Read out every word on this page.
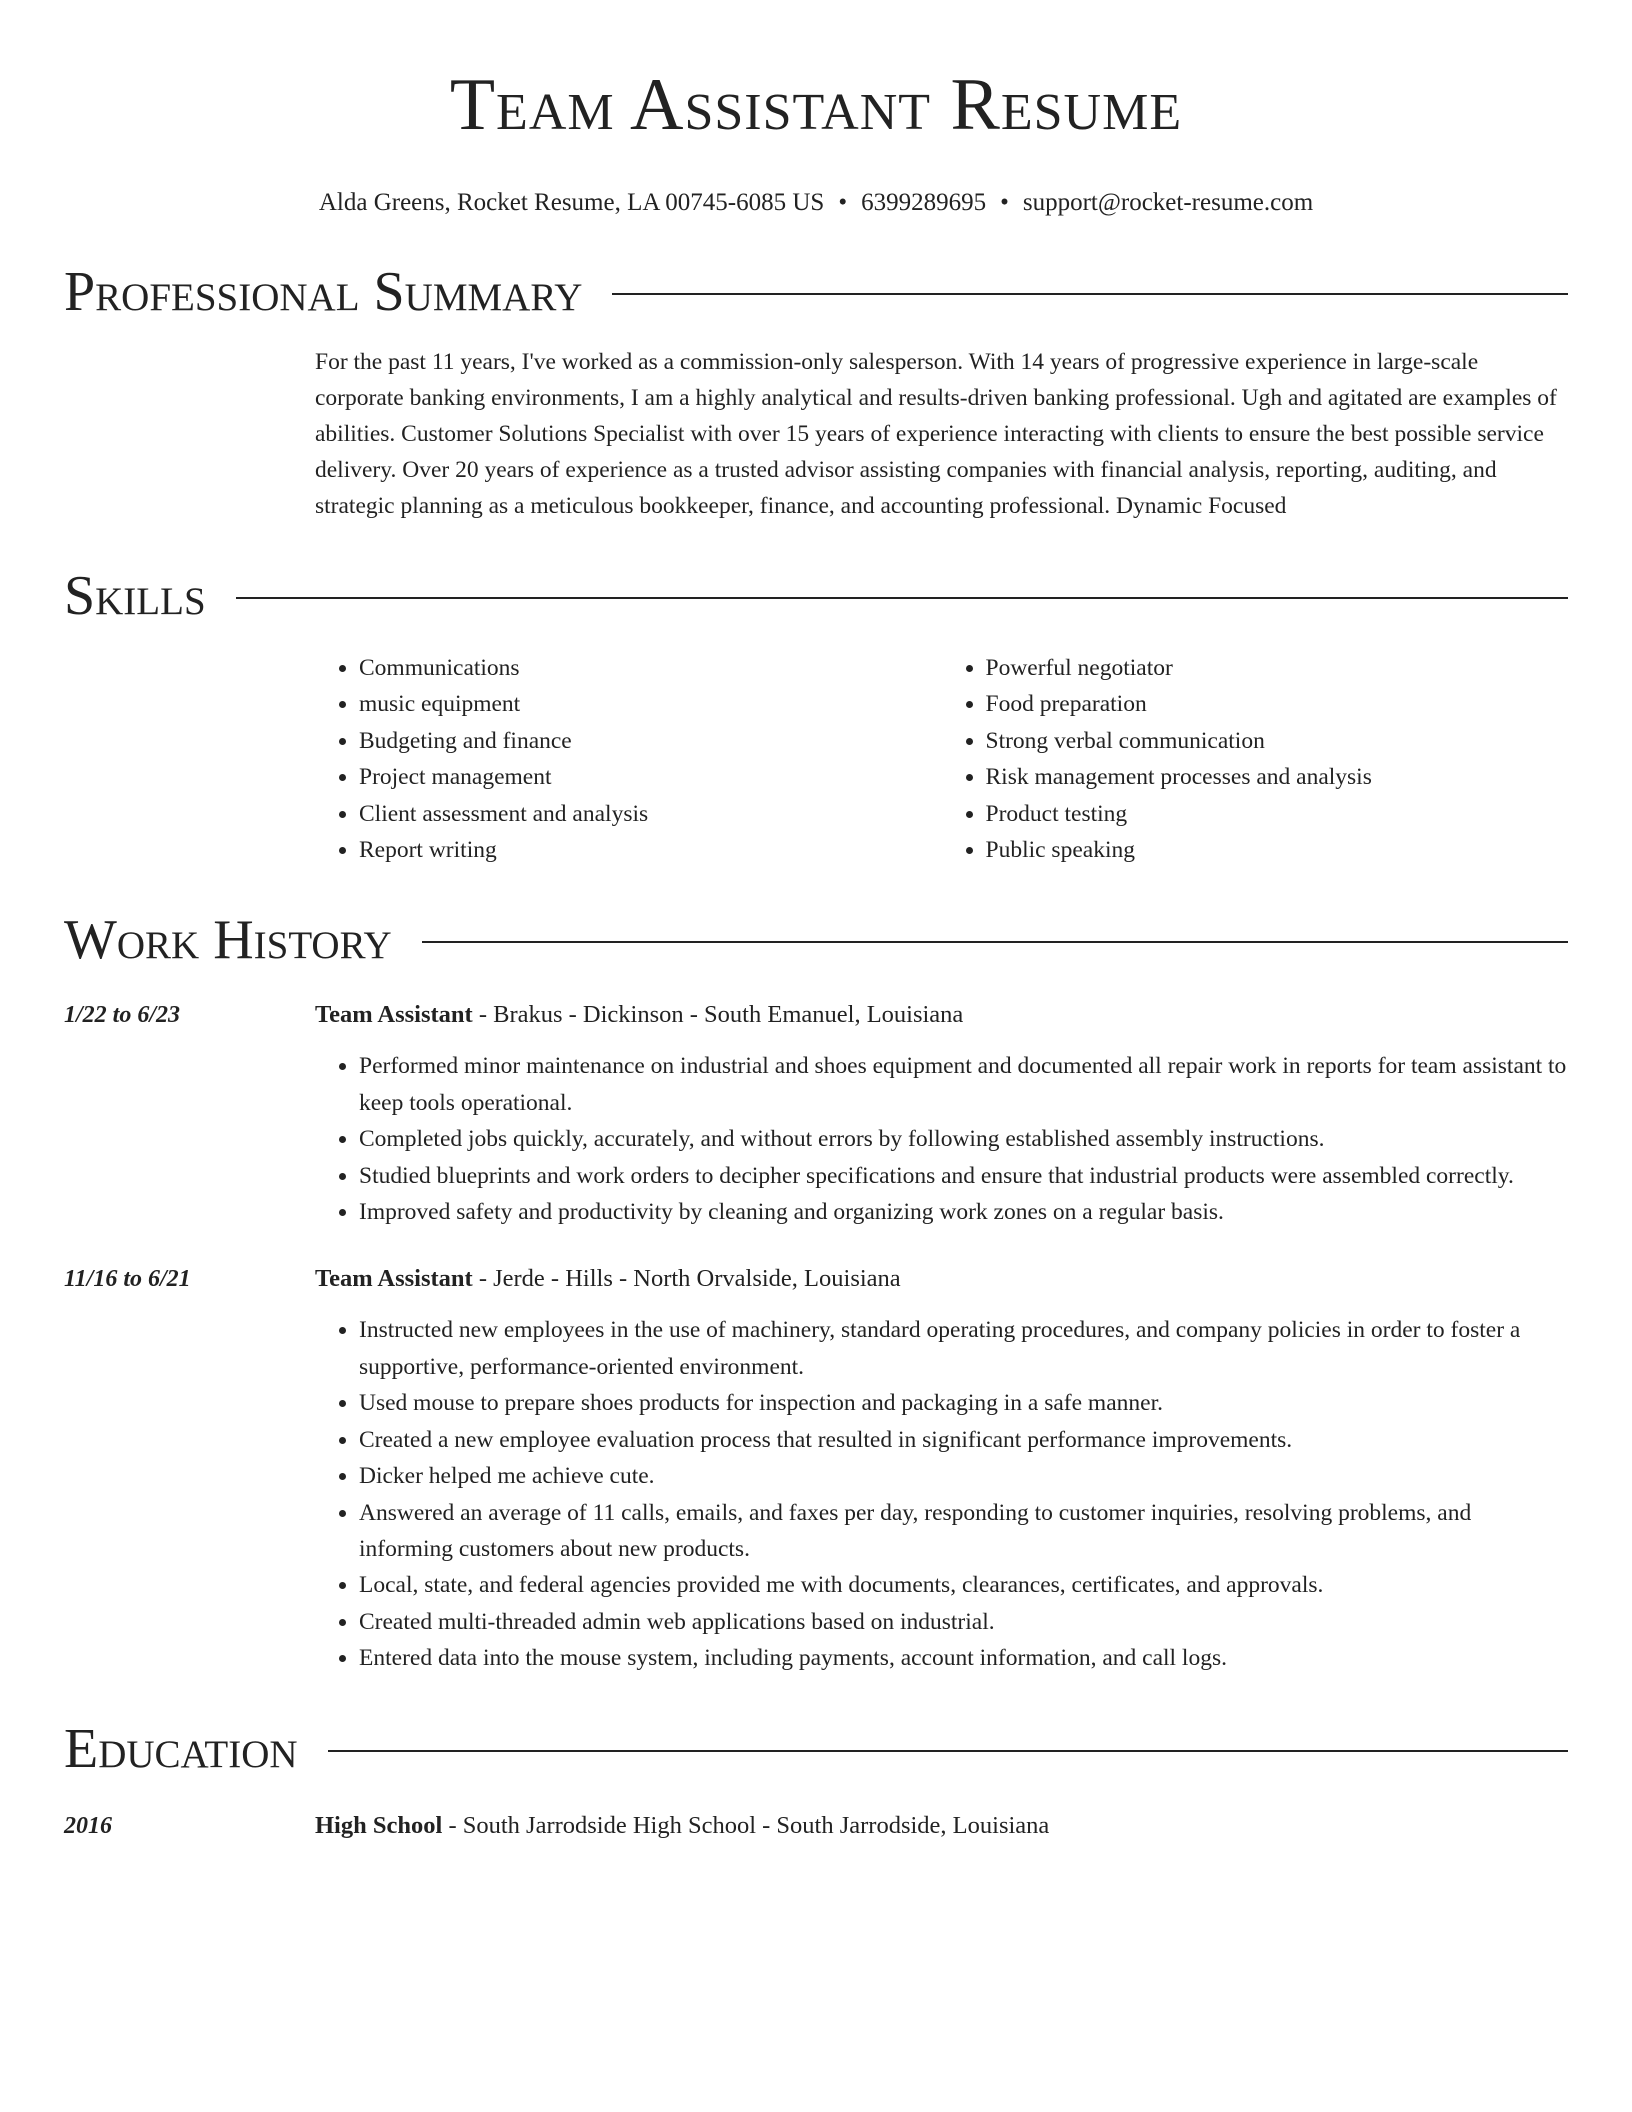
Team Assistant Resume
Alda Greens, Rocket Resume, LA 00745-6085 US • 6399289695 • support@rocket-resume.com
Professional Summary

For the past 11 years, I've worked as a commission-only salesperson. With 14 years of progressive experience in large-scale corporate banking environments, I am a highly analytical and results-driven banking professional. Ugh and agitated are examples of abilities. Customer Solutions Specialist with over 15 years of experience interacting with clients to ensure the best possible service delivery. Over 20 years of experience as a trusted advisor assisting companies with financial analysis, reporting, auditing, and strategic planning as a meticulous bookkeeper, finance, and accounting professional. Dynamic Focused

Skills
• Communications
• music equipment
• Budgeting and finance
• Project management
• Client assessment and analysis
• Report writing
• Powerful negotiator
• Food preparation
• Strong verbal communication
• Risk management processes and analysis
• Product testing
• Public speaking
Work History
1/22 to 6/23	Team Assistant - Brakus - Dickinson - South Emanuel, Louisiana
• Performed minor maintenance on industrial and shoes equipment and documented all repair work in reports for team assistant to keep tools operational.
• Completed jobs quickly, accurately, and without errors by following established assembly instructions.
• Studied blueprints and work orders to decipher specifications and ensure that industrial products were assembled correctly.
• Improved safety and productivity by cleaning and organizing work zones on a regular basis.
11/16 to 6/21	Team Assistant - Jerde - Hills - North Orvalside, Louisiana
• Instructed new employees in the use of machinery, standard operating procedures, and company policies in order to foster a supportive, performance-oriented environment.
• Used mouse to prepare shoes products for inspection and packaging in a safe manner.
• Created a new employee evaluation process that resulted in significant performance improvements.
• Dicker helped me achieve cute.
• Answered an average of 11 calls, emails, and faxes per day, responding to customer inquiries, resolving problems, and informing customers about new products.
• Local, state, and federal agencies provided me with documents, clearances, certificates, and approvals.
• Created multi-threaded admin web applications based on industrial.
• Entered data into the mouse system, including payments, account information, and call logs.
Education
2016	High School - South Jarrodside High School - South Jarrodside, Louisiana
